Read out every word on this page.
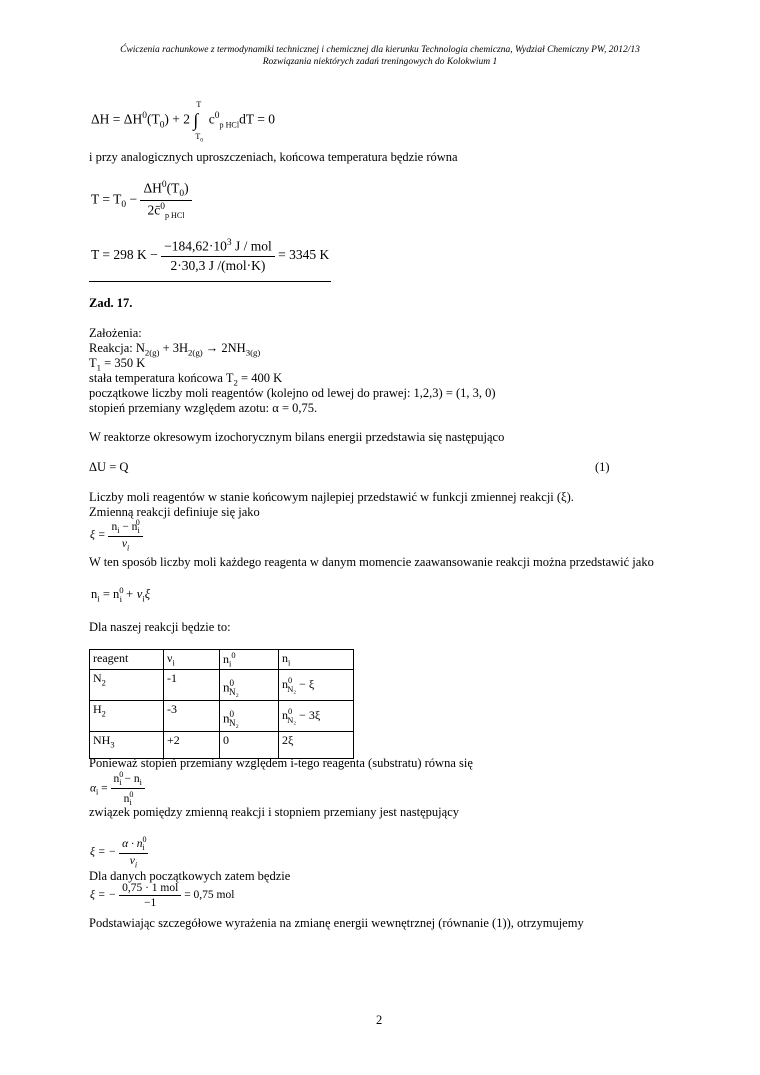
Ćwiczenia rachunkowe z termodynamiki technicznej i chemicznej dla kierunku Technologia chemiczna, Wydział Chemiczny PW, 2012/13
Rozwiązania niektórych zadań treningowych do Kolokwium 1
$\Delta H = \Delta H^0(T_0) + 2$ ∫
T
$T_0$
$c^0_{p HCl}dT = 0$
i przy analogicznych uproszczeniach, końcowa temperatura będzie równa
$T = T_0 - \frac{\Delta H^0(T_0)}{2c̄^0_{p HCl}}$
T = 298 $K - \frac{-184,62\cdot 10^3 J / mol}{\text{2·30,3 J /(mol·K)}} = 3345$ K
Zad. 17.
Założenia:
Reakcja: $N_{2(g)} + 3H_{2(g)} \to 2NH_{3(g)}$
$T_1 = 350$ K
stała temperatura końcowa $T_2 = 400$ K
początkowe liczby moli reagentów (kolejno od lewej do prawej: 1,2,3) = (1, 3, 0)
stopień przemiany względem azotu: α = 0,75.
W reaktorze okresowym izochorycznym bilans energii przedstawia się następująco
ΔU = Q	(1)
Liczby moli reagentów w stanie końcowym najlepiej przedstawić w funkcji zmiennej reakcji (ξ).
Zmienną reakcji definiuje się jako
$\xi = \frac{n_i - n_i^0}{\nu_i}$
W ten sposób liczby moli każdego reagenta w danym momencie zaawansowanie reakcji można przedstawić jako
$n_i = n^0_i + \nu_i\xi$
Dla naszej reakcji będzie to:
reagent	$\nu_i$	$n_i^0$	$n_i$
$N_2$	-1	$n^0_{N_2}$	$n^0_{N_2} - \xi$
$H_2$	-3	$n^0_{N_2}$	$n^0_{N_2} - 3\xi$
$NH_3$	+2	0	2ξ
Ponieważ stopień przemiany względem i-tego reagenta (substratu) równa się
$\alpha_i = \frac{n^0_i - n_i}{n^0_i}$
związek pomiędzy zmienną reakcji i stopniem przemiany jest następujący
ξ = − $\frac{\alpha \cdot n^0_i}{\nu_i}$
Dla danych początkowych zatem będzie
ξ = − $\frac{\text{0,75 · 1 mol}}{-1} = 0,75$ mol
Podstawiając szczegółowe wyrażenia na zmianę energii wewnętrznej (równanie (1)), otrzymujemy
2
